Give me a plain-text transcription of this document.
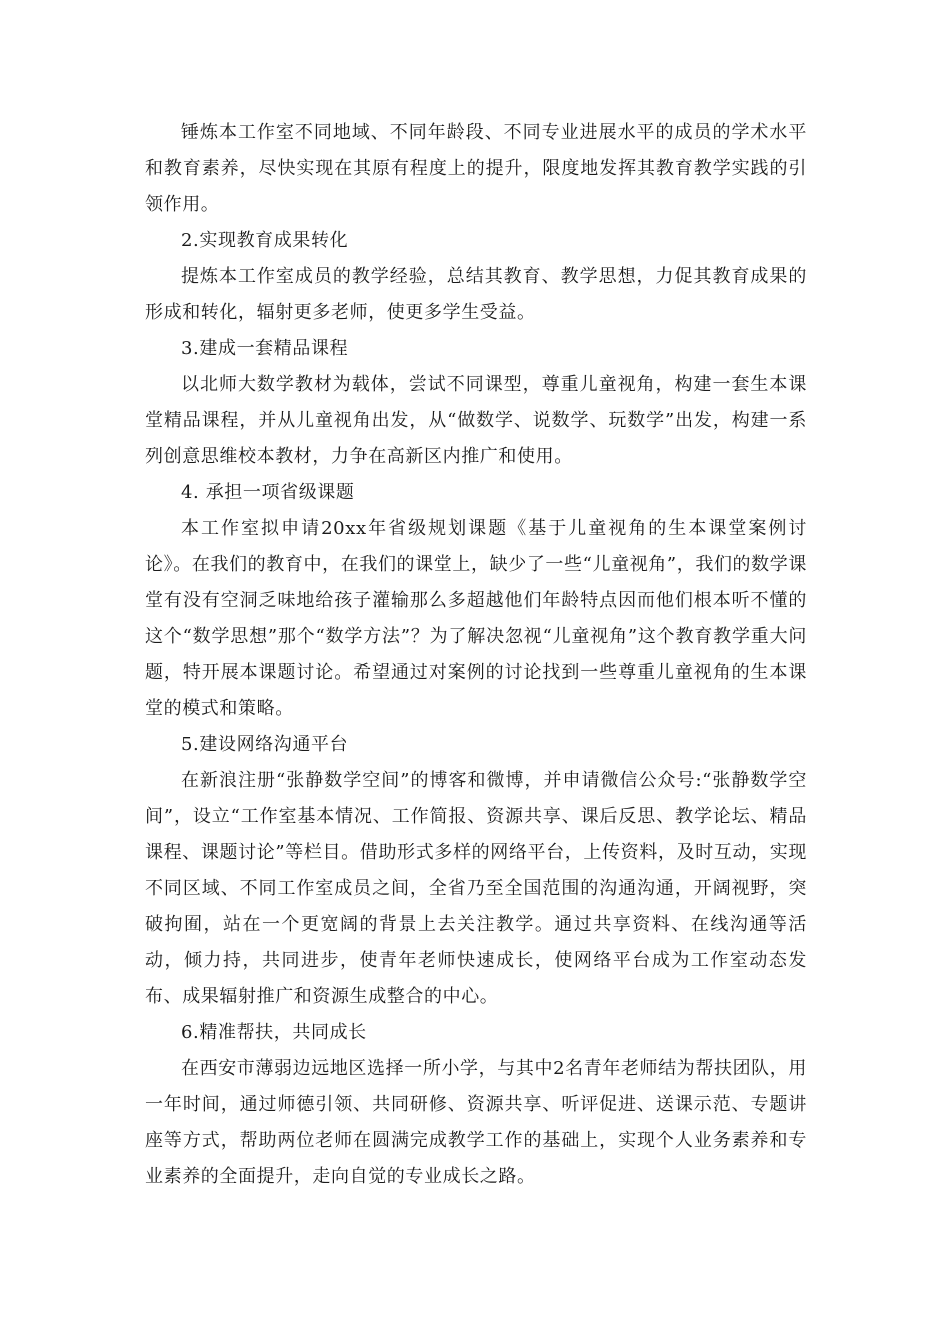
锤炼本工作室不同地域、不同年龄段、不同专业进展水平的成员的学术水平和教育素养，尽快实现在其原有程度上的提升，限度地发挥其教育教学实践的引领作用。

2.实现教育成果转化

提炼本工作室成员的教学经验，总结其教育、教学思想，力促其教育成果的形成和转化，辐射更多老师，使更多学生受益。

3.建成一套精品课程

以北师大数学教材为载体，尝试不同课型，尊重儿童视角，构建一套生本课堂精品课程，并从儿童视角出发，从“做数学、说数学、玩数学”出发，构建一系列创意思维校本教材，力争在高新区内推广和使用。

4. 承担一项省级课题

本工作室拟申请20xx年省级规划课题《基于儿童视角的生本课堂案例讨论》。在我们的教育中，在我们的课堂上，缺少了一些“儿童视角”，我们的数学课堂有没有空洞乏味地给孩子灌输那么多超越他们年龄特点因而他们根本听不懂的这个“数学思想”那个“数学方法”？为了解决忽视“儿童视角”这个教育教学重大问题，特开展本课题讨论。希望通过对案例的讨论找到一些尊重儿童视角的生本课堂的模式和策略。

5.建设网络沟通平台

在新浪注册“张静数学空间”的博客和微博，并申请微信公众号:“张静数学空间”，设立“工作室基本情况、工作简报、资源共享、课后反思、教学论坛、精品课程、课题讨论”等栏目。借助形式多样的网络平台，上传资料，及时互动，实现不同区域、不同工作室成员之间，全省乃至全国范围的沟通沟通，开阔视野，突破拘囿，站在一个更宽阔的背景上去关注教学。通过共享资料、在线沟通等活动，倾力持，共同进步，使青年老师快速成长，使网络平台成为工作室动态发布、成果辐射推广和资源生成整合的中心。

6.精准帮扶，共同成长

在西安市薄弱边远地区选择一所小学，与其中2名青年老师结为帮扶团队，用一年时间，通过师德引领、共同研修、资源共享、听评促进、送课示范、专题讲座等方式，帮助两位老师在圆满完成教学工作的基础上，实现个人业务素养和专业素养的全面提升，走向自觉的专业成长之路。
